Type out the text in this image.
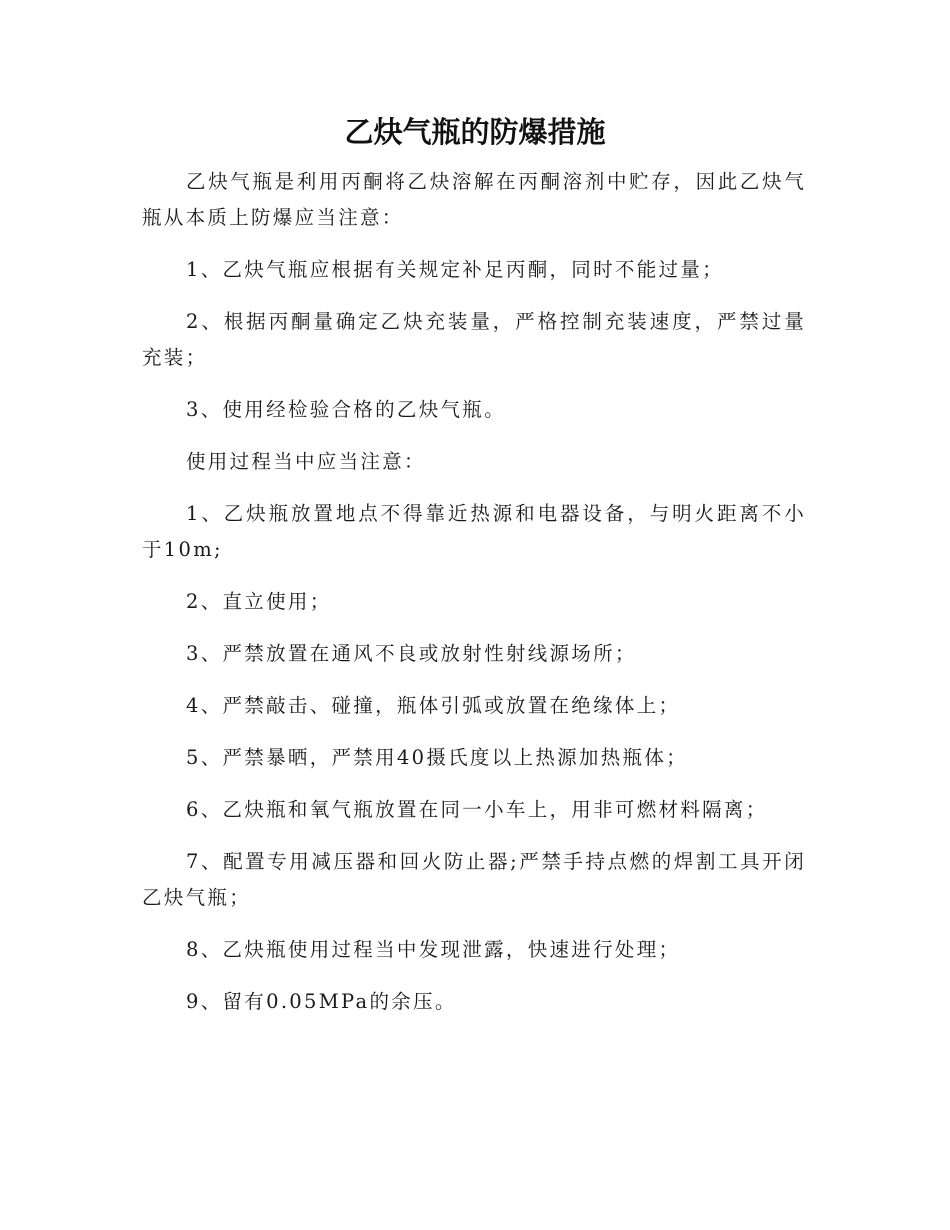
乙炔气瓶的防爆措施

乙炔气瓶是利用丙酮将乙炔溶解在丙酮溶剂中贮存，因此乙炔气瓶从本质上防爆应当注意：

1、乙炔气瓶应根据有关规定补足丙酮，同时不能过量；

2、根据丙酮量确定乙炔充装量，严格控制充装速度，严禁过量充装；

3、使用经检验合格的乙炔气瓶。

使用过程当中应当注意：

1、乙炔瓶放置地点不得靠近热源和电器设备，与明火距离不小于10m;

2、直立使用；

3、严禁放置在通风不良或放射性射线源场所；

4、严禁敲击、碰撞，瓶体引弧或放置在绝缘体上；

5、严禁暴晒，严禁用40摄氏度以上热源加热瓶体；

6、乙炔瓶和氧气瓶放置在同一小车上，用非可燃材料隔离；

7、配置专用减压器和回火防止器;严禁手持点燃的焊割工具开闭乙炔气瓶；

8、乙炔瓶使用过程当中发现泄露，快速进行处理；

9、留有0.05MPa的余压。
